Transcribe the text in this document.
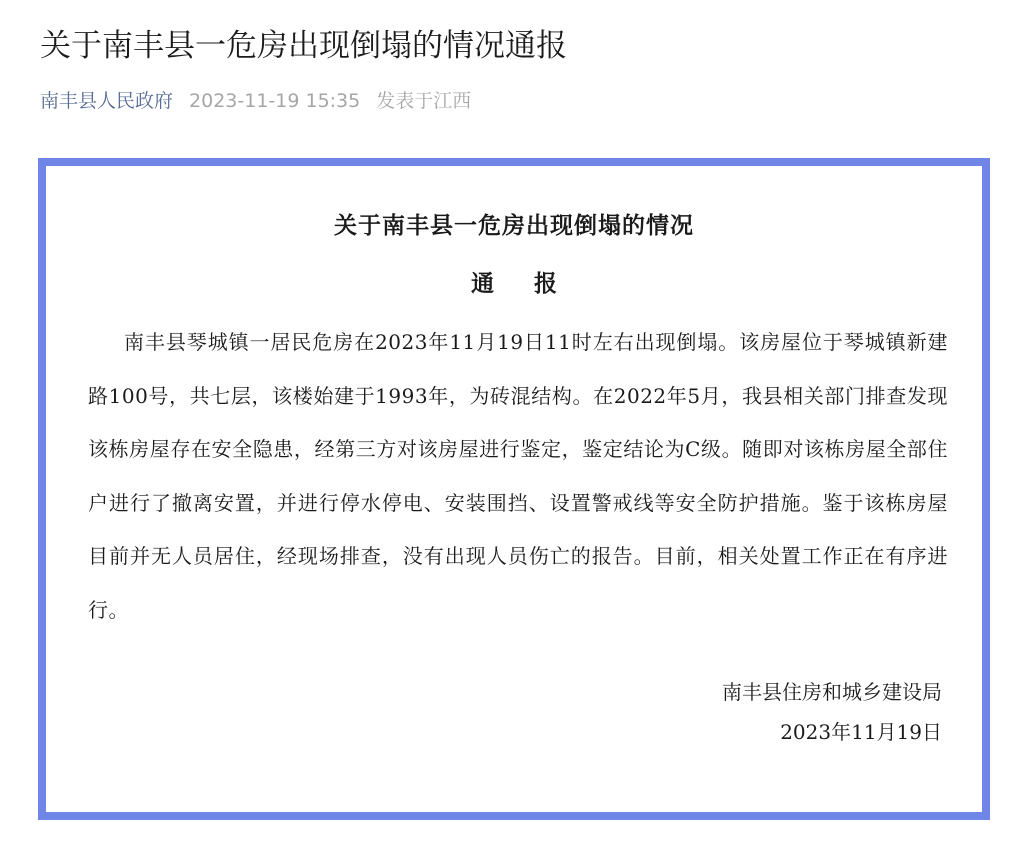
关于南丰县一危房出现倒塌的情况通报
南丰县人民政府 2023-11-19 15:35 发表于江西

关于南丰县一危房出现倒塌的情况

通报

南丰县琴城镇一居民危房在2023年11月19日11时左右出现倒塌。该房屋位于琴城镇新建路100号，共七层，该楼始建于1993年，为砖混结构。在2022年5月，我县相关部门排查发现该栋房屋存在安全隐患，经第三方对该房屋进行鉴定，鉴定结论为C级。随即对该栋房屋全部住户进行了撤离安置，并进行停水停电、安装围挡、设置警戒线等安全防护措施。鉴于该栋房屋目前并无人员居住，经现场排查，没有出现人员伤亡的报告。目前，相关处置工作正在有序进行。

南丰县住房和城乡建设局
2023年11月19日
